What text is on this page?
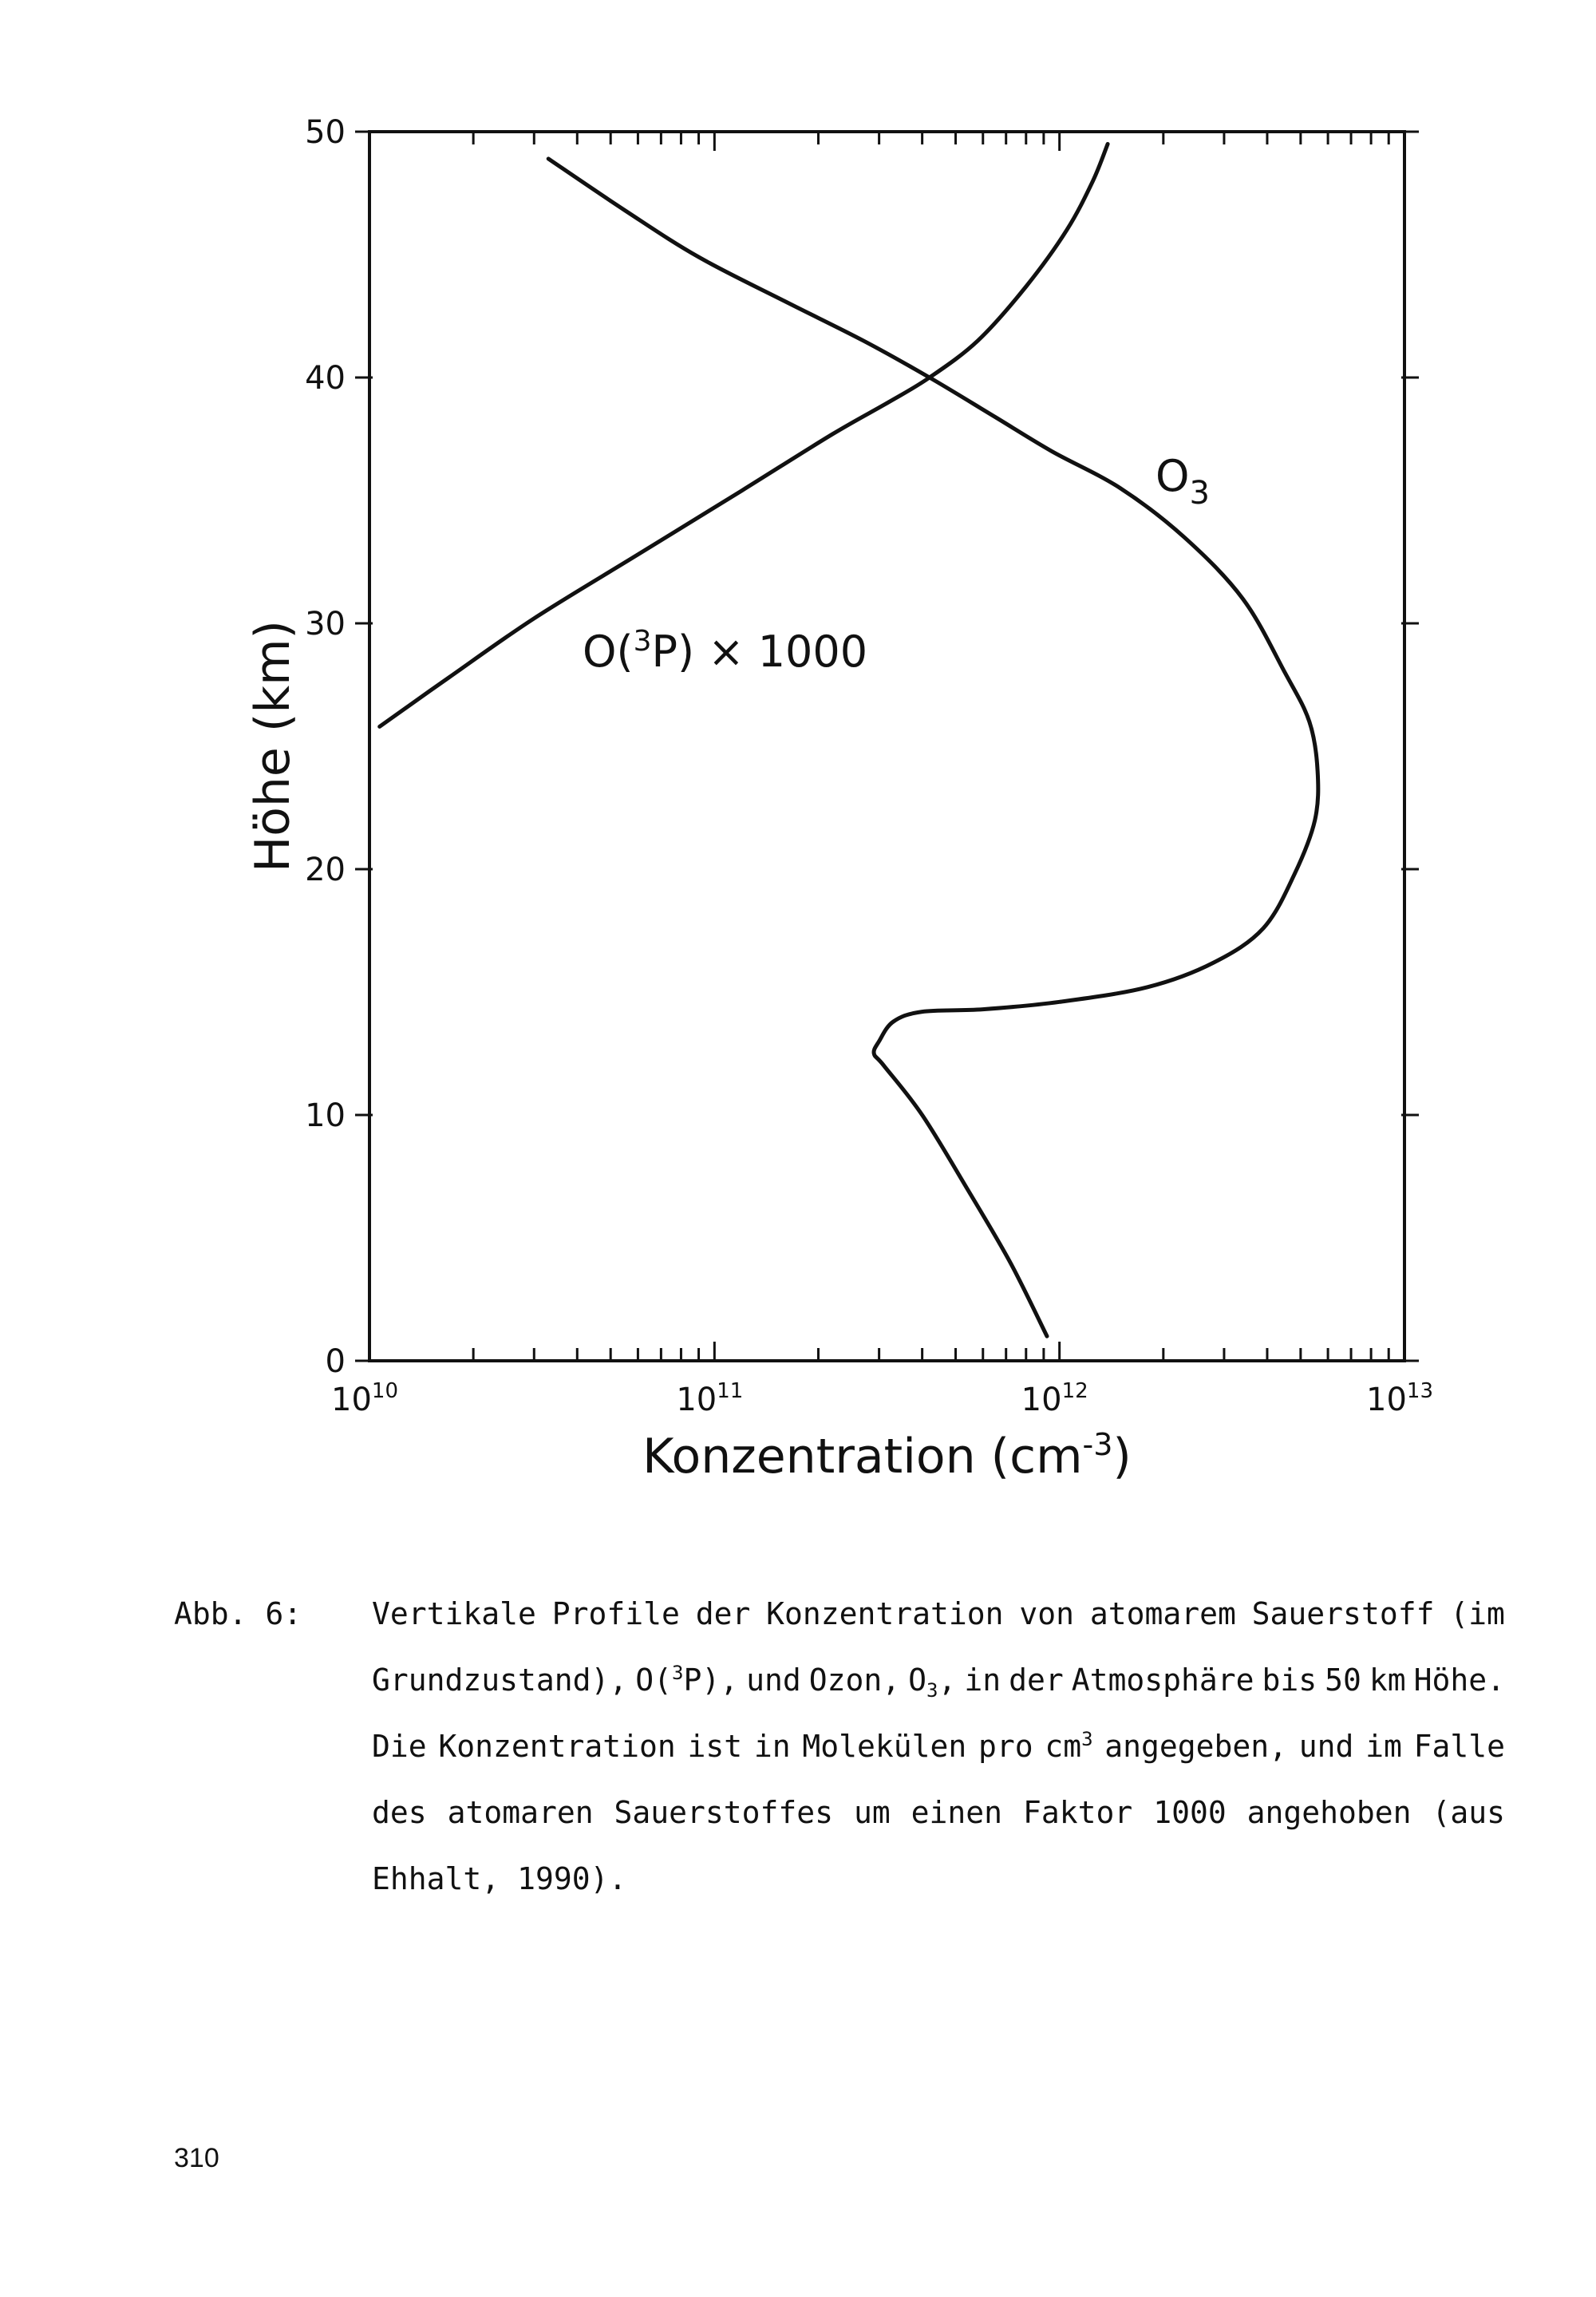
0
10
20
30
40
50
$10^{10}$	$10^{11}$	$10^{12}$	$10^{13}$
Konzentration $(cm^{-3})$
Höhe (km)
$O_3$
O($^3$P) × 1000
Abb. 6: Vertikale Profile der Konzentration von atomarem Sauerstoff (im
Grundzustand), O($^3$P), und Ozon, $O_3$, in der Atmosphäre bis 50 km Höhe.
Die Konzentration ist in Molekülen pro $cm^3$ angegeben, und im Falle
des atomaren Sauerstoffes um einen Faktor 1000 angehoben (aus
Ehhalt, 1990).
310
